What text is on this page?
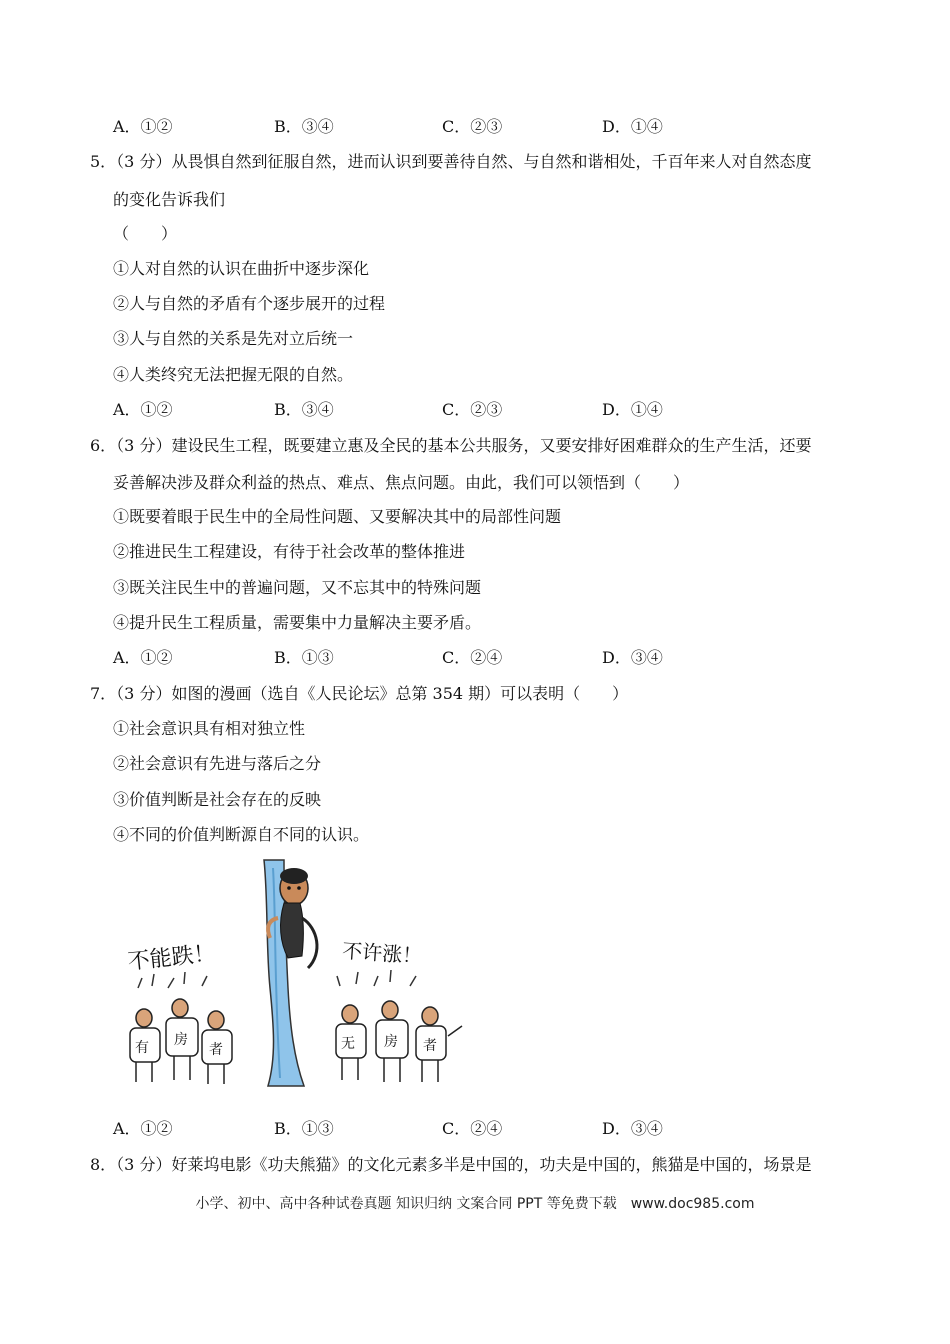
A．①②	B．③④	C．②③	D．①④
5．（3 分）从畏惧自然到征服自然，进而认识到要善待自然、与自然和谐相处，千百年来人对自然态度
的变化告诉我们
（　　）
①人对自然的认识在曲折中逐步深化
②人与自然的矛盾有个逐步展开的过程
③人与自然的关系是先对立后统一
④人类终究无法把握无限的自然。
A．①②	B．③④	C．②③	D．①④
6．（3 分）建设民生工程，既要建立惠及全民的基本公共服务，又要安排好困难群众的生产生活，还要
妥善解决涉及群众利益的热点、难点、焦点问题。由此，我们可以领悟到（　　）
①既要着眼于民生中的全局性问题、又要解决其中的局部性问题
②推进民生工程建设，有待于社会改革的整体推进
③既关注民生中的普遍问题，又不忘其中的特殊问题
④提升民生工程质量，需要集中力量解决主要矛盾。
A．①②	B．①③	C．②④	D．③④
7．（3 分）如图的漫画（选自《人民论坛》总第 354 期）可以表明（　　）
①社会意识具有相对独立性
②社会意识有先进与落后之分
③价值判断是社会存在的反映
④不同的价值判断源自不同的认识。
不能跌！	不许涨！
有 房
者	无 房 者
A．①②	B．①③	C．②④	D．③④
8．（3 分）好莱坞电影《功夫熊猫》的文化元素多半是中国的，功夫是中国的，熊猫是中国的，场景是
小学、初中、高中各种试卷真题 知识归纳 文案合同 PPT 等免费下载　www.doc985.com
